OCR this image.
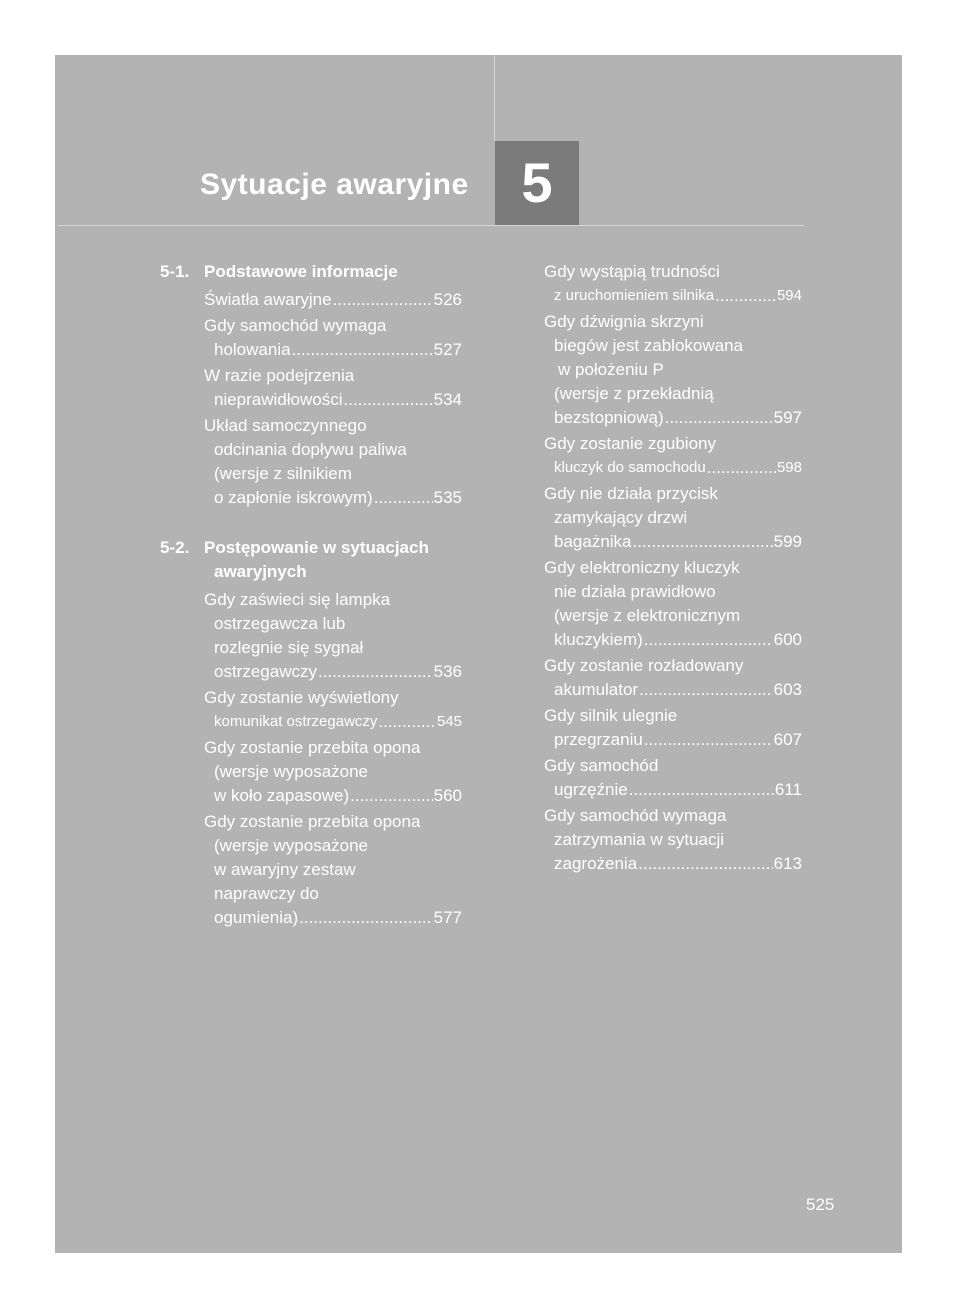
Sytuacje awaryjne 5
5-1. Podstawowe informacje
Światła awaryjne .....	526
Gdy samochód wymaga
holowania .....	527
W razie podejrzenia
nieprawidłowości .....	534
Układ samoczynnego
odcinania dopływu paliwa
(wersje z silnikiem
o zapłonie iskrowym) .....	535
5-2. Postępowanie w sytuacjach
awaryjnych
Gdy zaświeci się lampka
ostrzegawcza lub
rozlegnie się sygnał
ostrzegawczy .....	536
Gdy zostanie wyświetlony
komunikat ostrzegawczy .....	545
Gdy zostanie przebita opona
(wersje wyposażone
w koło zapasowe) .....	560
Gdy zostanie przebita opona
(wersje wyposażone
w awaryjny zestaw
naprawczy do
ogumienia) .....	577
Gdy wystąpią trudności
z uruchomieniem silnika .....	594
Gdy dźwignia skrzyni
biegów jest zablokowana
w położeniu P
(wersje z przekładnią
bezstopniową) .....	597
Gdy zostanie zgubiony
kluczyk do samochodu .....	598
Gdy nie działa przycisk
zamykający drzwi
bagażnika .....	599
Gdy elektroniczny kluczyk
nie działa prawidłowo
(wersje z elektronicznym
kluczykiem) .....	600
Gdy zostanie rozładowany
akumulator .....	603
Gdy silnik ulegnie
przegrzaniu .....	607
Gdy samochód
ugrzęźnie .....	611
Gdy samochód wymaga
zatrzymania w sytuacji
zagrożenia .....	613
525
